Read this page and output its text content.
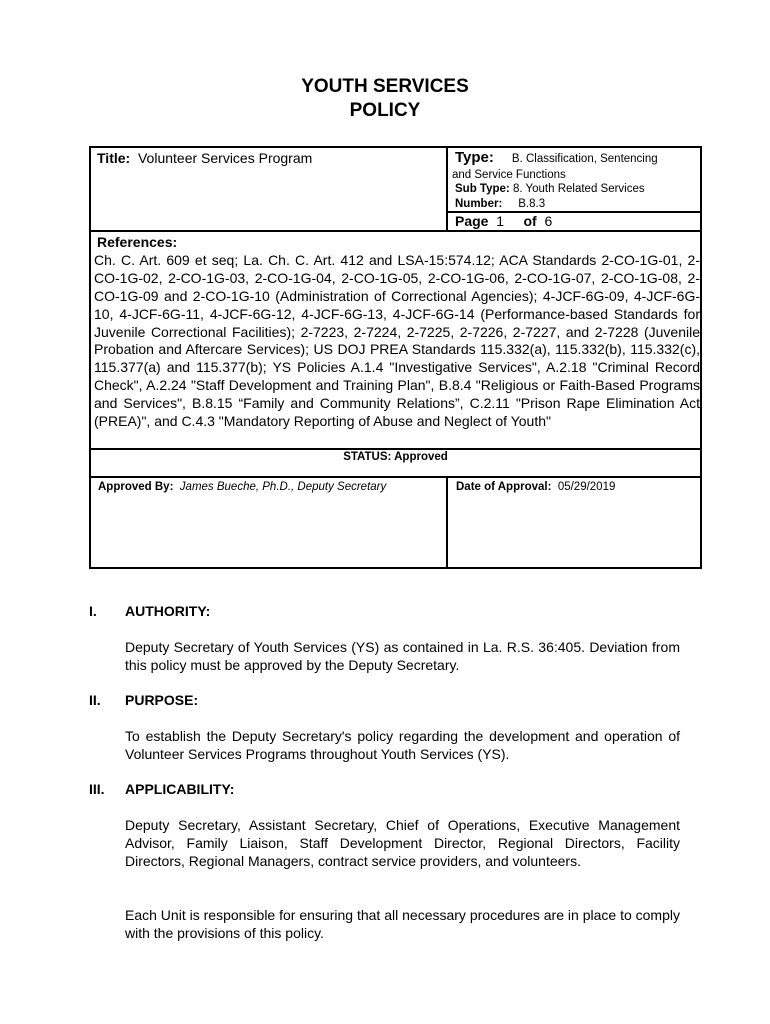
YOUTH SERVICES
POLICY
Title: Volunteer Services Program	Type: B. Classification, Sentencing
and Service Functions
Sub Type: 8. Youth Related Services
Number: B.8.3
Page 1 of 6
References:
Ch. C. Art. 609 et seq; La. Ch. C. Art. 412 and LSA-15:574.12; ACA Standards 2-CO-1G-01, 2-CO-1G-02, 2-CO-1G-03, 2-CO-1G-04, 2-CO-1G-05, 2-CO-1G-06, 2-CO-1G-07, 2-CO-1G-08, 2-CO-1G-09 and 2-CO-1G-10 (Administration of Correctional Agencies); 4-JCF-6G-09, 4-JCF-6G-10, 4-JCF-6G-11, 4-JCF-6G-12, 4-JCF-6G-13, 4-JCF-6G-14 (Performance-based Standards for Juvenile Correctional Facilities); 2-7223, 2-7224, 2-7225, 2-7226, 2-7227, and 2-7228 (Juvenile Probation and Aftercare Services); US DOJ PREA Standards 115.332(a), 115.332(b), 115.332(c), 115.377(a) and 115.377(b); YS Policies A.1.4 "Investigative Services", A.2.18 "Criminal Record Check", A.2.24 "Staff Development and Training Plan", B.8.4 "Religious or Faith-Based Programs and Services", B.8.15 “Family and Community Relations”, C.2.11 "Prison Rape Elimination Act (PREA)", and C.4.3 "Mandatory Reporting of Abuse and Neglect of Youth"
STATUS: Approved
Approved By: James Bueche, Ph.D., Deputy Secretary	Date of Approval: 05/29/2019
I. AUTHORITY:
Deputy Secretary of Youth Services (YS) as contained in La. R.S. 36:405. Deviation from this policy must be approved by the Deputy Secretary.
II. PURPOSE:
To establish the Deputy Secretary's policy regarding the development and operation of Volunteer Services Programs throughout Youth Services (YS).
III. APPLICABILITY:
Deputy Secretary, Assistant Secretary, Chief of Operations, Executive Management Advisor, Family Liaison, Staff Development Director, Regional Directors, Facility Directors, Regional Managers, contract service providers, and volunteers.
Each Unit is responsible for ensuring that all necessary procedures are in place to comply with the provisions of this policy.
